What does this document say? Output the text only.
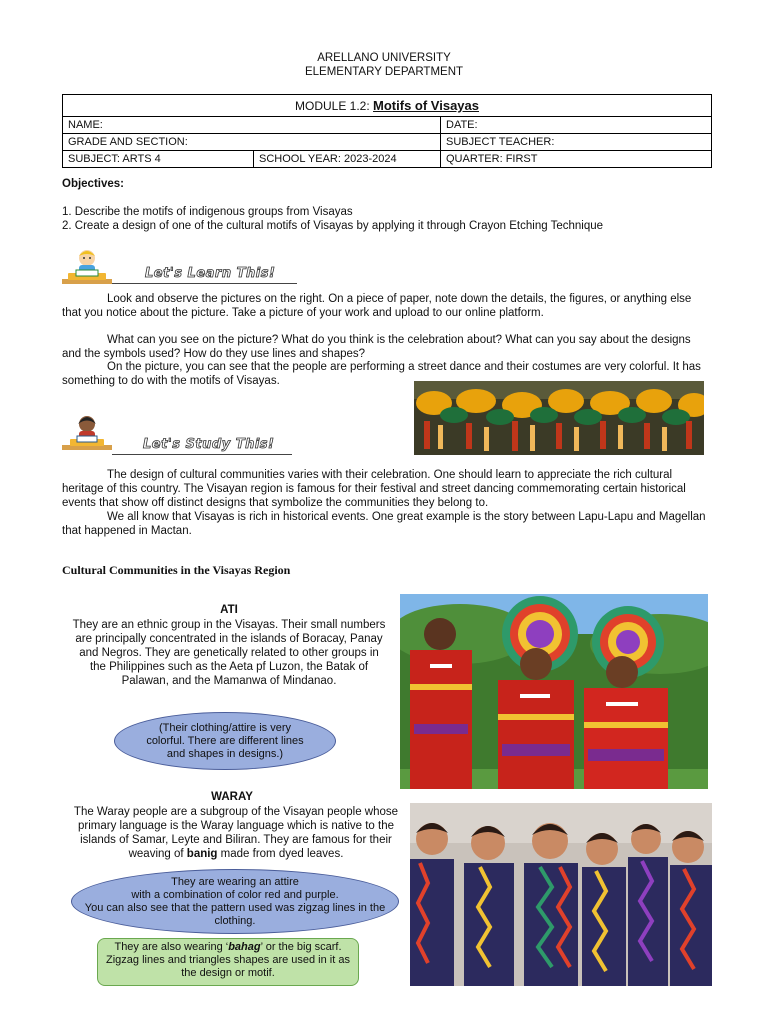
ARELLANO UNIVERSITY
ELEMENTARY DEPARTMENT
MODULE 1.2: Motifs of Visayas		
NAME:		DATE:
GRADE AND SECTION:		SUBJECT TEACHER:
SUBJECT: ARTS 4	SCHOOL YEAR: 2023-2024	QUARTER: FIRST
Objectives:

1. Describe the motifs of indigenous groups from Visayas

2. Create a design of one of the cultural motifs of Visayas by applying it through Crayon Etching Technique

Let's Learn This!

Look and observe the pictures on the right. On a piece of paper, note down the details, the figures, or anything else that you notice about the picture. Take a picture of your work and upload to our online platform.

What can you see on the picture? What do you think is the celebration about? What can you say about the designs and the symbols used? How do they use lines and shapes?

On the picture, you can see that the people are performing a street dance and their costumes are very colorful. It has something to do with the motifs of Visayas.

Let's Study This!

The design of cultural communities varies with their celebration. One should learn to appreciate the rich cultural heritage of this country. The Visayan region is famous for their festival and street dancing commemorating certain historical events that show off distinct designs that symbolize the communities they belong to.

We all know that Visayas is rich in historical events. One great example is the story between Lapu-Lapu and Magellan that happened in Mactan.

Cultural Communities in the Visayas Region
ATI
They are an ethnic group in the Visayas. Their small numbers are principally concentrated in the islands of Boracay, Panay and Negros. They are genetically related to other groups in the Philippines such as the Aeta pf Luzon, the Batak of Palawan, and the Mamanwa of Mindanao.
(Their clothing/attire is very colorful. There are different lines and shapes in designs.)
WARAY
The Waray people are a subgroup of the Visayan people whose primary language is the Waray language which is native to the islands of Samar, Leyte and Biliran. They are famous for their weaving of banig made from dyed leaves.
They are wearing an attire
with a combination of color red and purple.
You can also see that the pattern used was zigzag lines in the clothing.
They are also wearing ‘bahag’ or the big scarf. Zigzag lines and triangles shapes are used in it as the design or motif.
